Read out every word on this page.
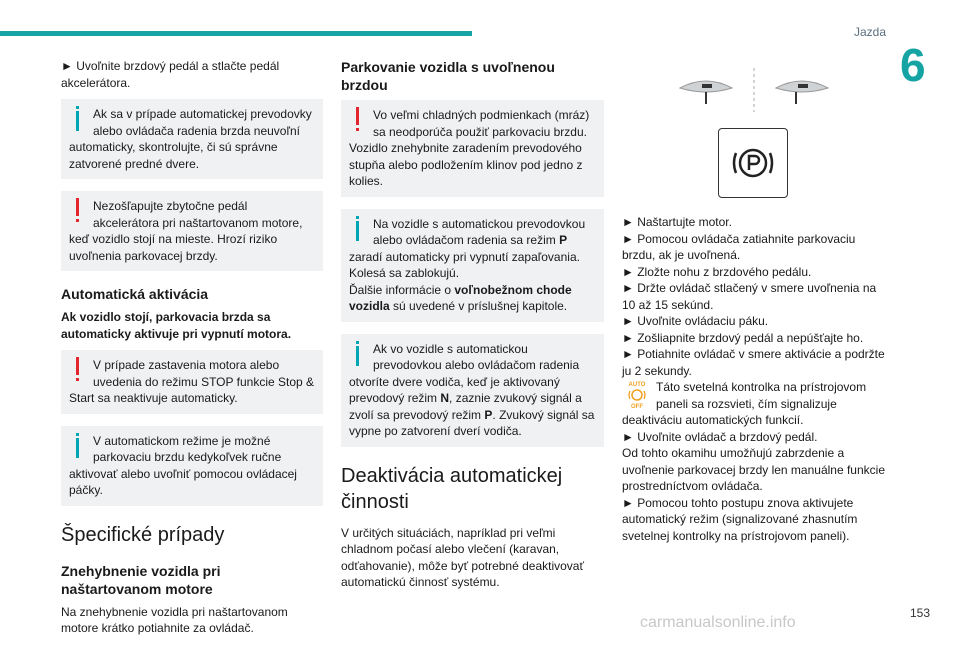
Jazda
6

► Uvoľnite brzdový pedál a stlačte pedál akcelerátora.

Ak sa v prípade automatickej prevodovky alebo ovládača radenia brzda neuvoľní automaticky, skontrolujte, či sú správne zatvorené predné dvere.
Nezošľapujte zbytočne pedál akcelerátora pri naštartovanom motore, keď vozidlo stojí na mieste. Hrozí riziko uvoľnenia parkovacej brzdy.
Automatická aktivácia

Ak vozidlo stojí, parkovacia brzda sa automaticky aktivuje pri vypnutí motora.

V prípade zastavenia motora alebo uvedenia do režimu STOP funkcie Stop & Start sa neaktivuje automaticky.
V automatickom režime je možné parkovaciu brzdu kedykoľvek ručne aktivovať alebo uvoľniť pomocou ovládacej páčky.
Špecifické prípady
Znehybnenie vozidla pri naštartovanom motore

Na znehybnenie vozidla pri naštartovanom motore krátko potiahnite za ovládač.

Parkovanie vozidla s uvoľnenou brzdou
Vo veľmi chladných podmienkach (mráz) sa neodporúča použiť parkovaciu brzdu. Vozidlo znehybnite zaradením prevodového stupňa alebo podložením klinov pod jedno z kolies.
Na vozidle s automatickou prevodovkou alebo ovládačom radenia sa režim P zaradí automaticky pri vypnutí zapaľovania. Kolesá sa zablokujú.
Ďalšie informácie o voľnobežnom chode vozidla sú uvedené v príslušnej kapitole.
Ak vo vozidle s automatickou prevodovkou alebo ovládačom radenia otvoríte dvere vodiča, keď je aktivovaný prevodový režim N, zaznie zvukový signál a zvolí sa prevodový režim P. Zvukový signál sa vypne po zatvorení dverí vodiča.
Deaktivácia automatickej činnosti

V určitých situáciách, napríklad pri veľmi chladnom počasí alebo vlečení (karavan, odťahovanie), môže byť potrebné deaktivovať automatickú činnosť systému.

► Naštartujte motor.
► Pomocou ovládača zatiahnite parkovaciu brzdu, ak je uvoľnená.
► Zložte nohu z brzdového pedálu.
► Držte ovládač stlačený v smere uvoľnenia na 10 až 15 sekúnd.
► Uvoľnite ovládaciu páku.
► Zošliapnite brzdový pedál a nepúšťajte ho.
► Potiahnite ovládač v smere aktivácie a podržte ju 2 sekundy.
AUTO
OFF
Táto svetelná kontrolka na prístrojovom paneli sa rozsvieti, čím signalizuje deaktiváciu automatických funkcií.
► Uvoľnite ovládač a brzdový pedál.
Od tohto okamihu umožňujú zabrzdenie a uvoľnenie parkovacej brzdy len manuálne funkcie prostredníctvom ovládača.
► Pomocou tohto postupu znova aktivujete automatický režim (signalizované zhasnutím svetelnej kontrolky na prístrojovom paneli).
153
carmanualsonline.info
